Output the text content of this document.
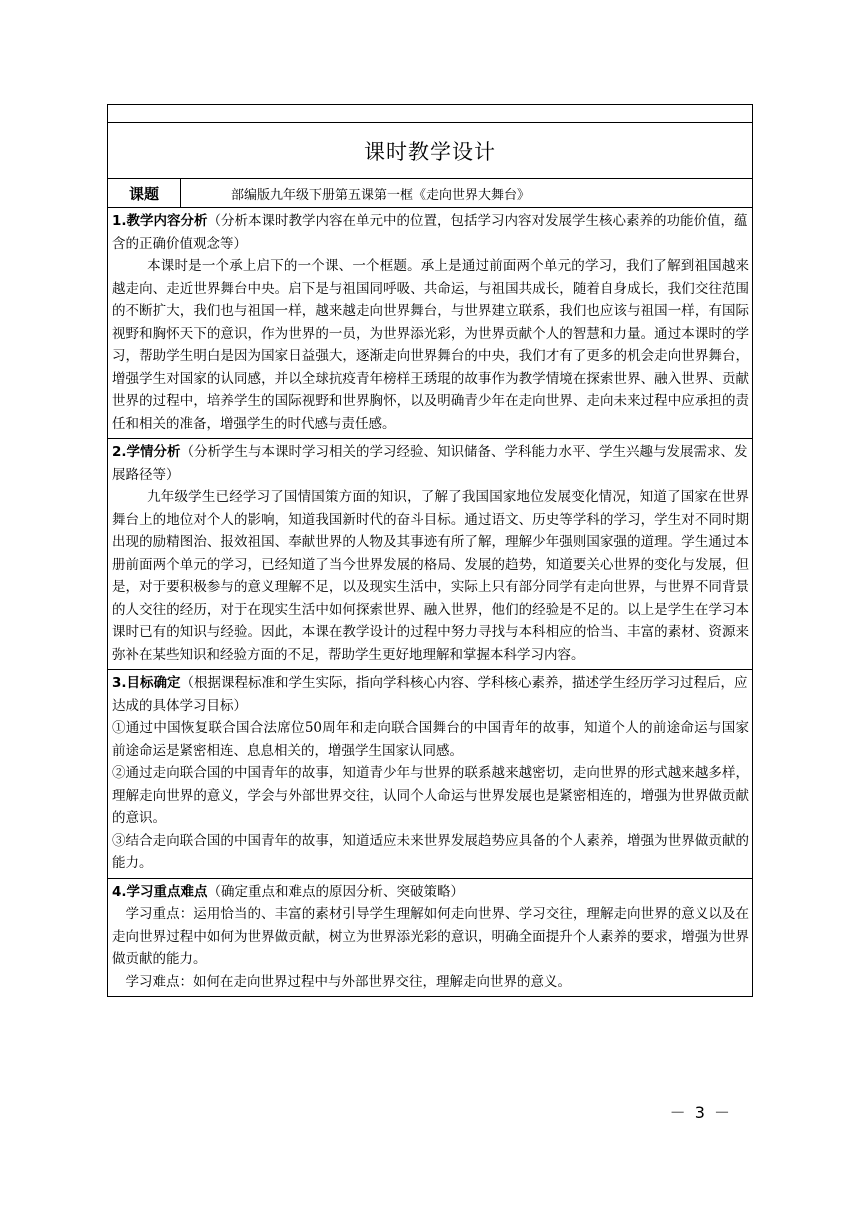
课时教学设计
课题	部编版九年级下册第五课第一框《走向世界大舞台》

1.教学内容分析（分析本课时教学内容在单元中的位置，包括学习内容对发展学生核心素养的功能价值，蕴含的正确价值观念等）

本课时是一个承上启下的一个课、一个框题。承上是通过前面两个单元的学习，我们了解到祖国越来越走向、走近世界舞台中央。启下是与祖国同呼吸、共命运，与祖国共成长，随着自身成长，我们交往范围的不断扩大，我们也与祖国一样，越来越走向世界舞台，与世界建立联系，我们也应该与祖国一样，有国际视野和胸怀天下的意识，作为世界的一员，为世界添光彩，为世界贡献个人的智慧和力量。通过本课时的学习，帮助学生明白是因为国家日益强大，逐渐走向世界舞台的中央，我们才有了更多的机会走向世界舞台，增强学生对国家的认同感，并以全球抗疫青年榜样王琇琨的故事作为教学情境在探索世界、融入世界、贡献世界的过程中，培养学生的国际视野和世界胸怀，以及明确青少年在走向世界、走向未来过程中应承担的责任和相关的准备，增强学生的时代感与责任感。

2.学情分析（分析学生与本课时学习相关的学习经验、知识储备、学科能力水平、学生兴趣与发展需求、发展路径等）

九年级学生已经学习了国情国策方面的知识，了解了我国国家地位发展变化情况，知道了国家在世界舞台上的地位对个人的影响，知道我国新时代的奋斗目标。通过语文、历史等学科的学习，学生对不同时期出现的励精图治、报效祖国、奉献世界的人物及其事迹有所了解，理解少年强则国家强的道理。学生通过本册前面两个单元的学习，已经知道了当今世界发展的格局、发展的趋势，知道要关心世界的变化与发展，但是，对于要积极参与的意义理解不足，以及现实生活中，实际上只有部分同学有走向世界，与世界不同背景的人交往的经历，对于在现实生活中如何探索世界、融入世界，他们的经验是不足的。以上是学生在学习本课时已有的知识与经验。因此，本课在教学设计的过程中努力寻找与本科相应的恰当、丰富的素材、资源来弥补在某些知识和经验方面的不足，帮助学生更好地理解和掌握本科学习内容。

3.目标确定（根据课程标准和学生实际，指向学科核心内容、学科核心素养，描述学生经历学习过程后，应达成的具体学习目标）

①通过中国恢复联合国合法席位50周年和走向联合国舞台的中国青年的故事，知道个人的前途命运与国家前途命运是紧密相连、息息相关的，增强学生国家认同感。

②通过走向联合国的中国青年的故事，知道青少年与世界的联系越来越密切，走向世界的形式越来越多样，理解走向世界的意义，学会与外部世界交往，认同个人命运与世界发展也是紧密相连的，增强为世界做贡献的意识。

③结合走向联合国的中国青年的故事，知道适应未来世界发展趋势应具备的个人素养，增强为世界做贡献的能力。

4.学习重点难点（确定重点和难点的原因分析、突破策略）

学习重点：运用恰当的、丰富的素材引导学生理解如何走向世界、学习交往，理解走向世界的意义以及在走向世界过程中如何为世界做贡献，树立为世界添光彩的意识，明确全面提升个人素养的要求，增强为世界做贡献的能力。

学习难点：如何在走向世界过程中与外部世界交往，理解走向世界的意义。

－ 3 －
